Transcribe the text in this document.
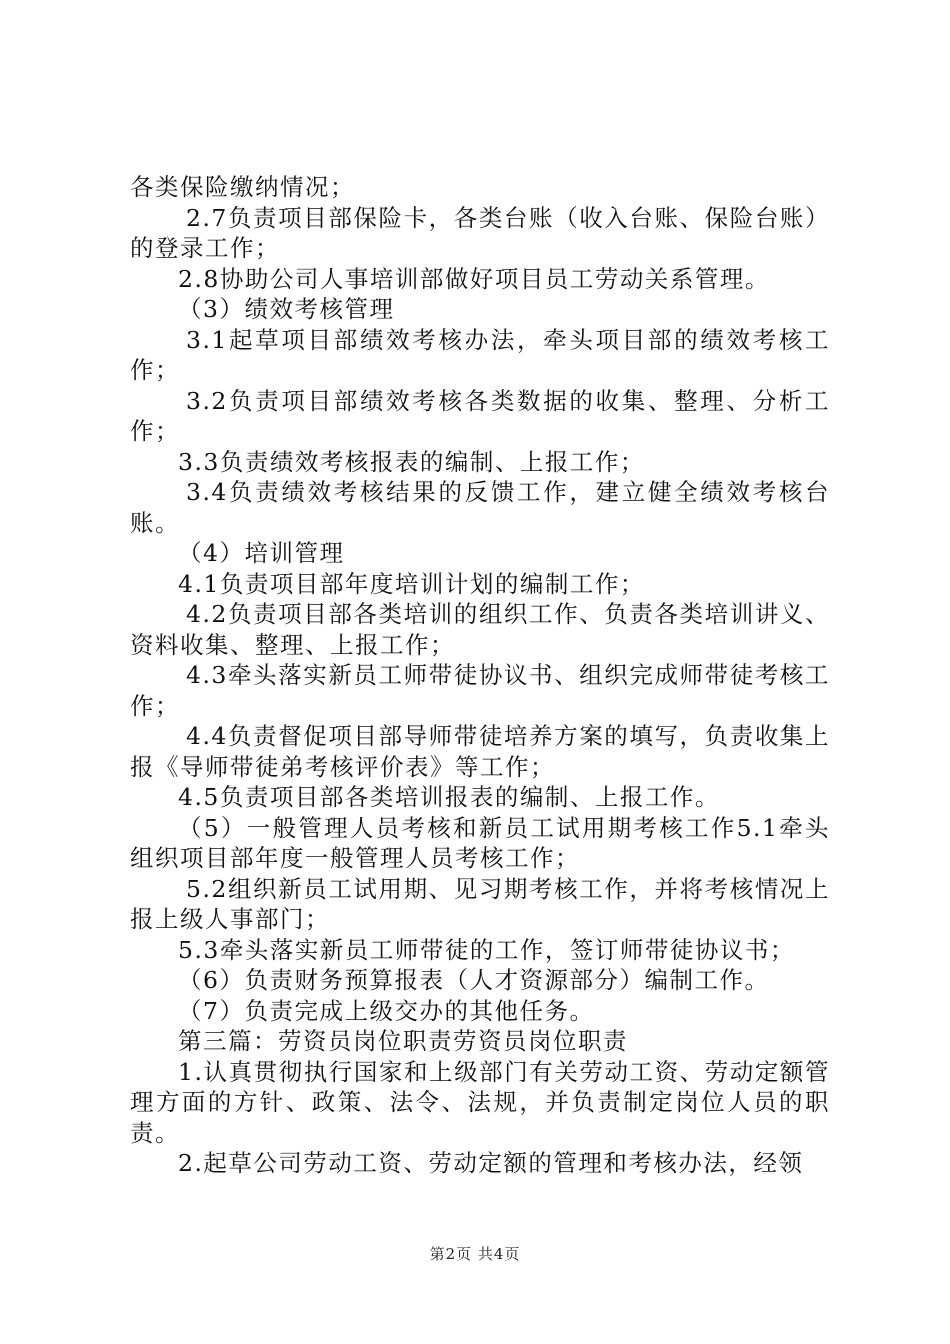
各类保险缴纳情况；

2.7负责项目部保险卡，各类台账（收入台账、保险台账）的登录工作；

2.8协助公司人事培训部做好项目员工劳动关系管理。

（3）绩效考核管理

3.1起草项目部绩效考核办法，牵头项目部的绩效考核工作；

3.2负责项目部绩效考核各类数据的收集、整理、分析工作；

3.3负责绩效考核报表的编制、上报工作；

3.4负责绩效考核结果的反馈工作，建立健全绩效考核台账。

（4）培训管理

4.1负责项目部年度培训计划的编制工作；

4.2负责项目部各类培训的组织工作、负责各类培训讲义、资料收集、整理、上报工作；

4.3牵头落实新员工师带徒协议书、组织完成师带徒考核工作；

4.4负责督促项目部导师带徒培养方案的填写，负责收集上报《导师带徒弟考核评价表》等工作；

4.5负责项目部各类培训报表的编制、上报工作。

（5）一般管理人员考核和新员工试用期考核工作5.1牵头组织项目部年度一般管理人员考核工作；

5.2组织新员工试用期、见习期考核工作，并将考核情况上报上级人事部门；

5.3牵头落实新员工师带徒的工作，签订师带徒协议书；

（6）负责财务预算报表（人才资源部分）编制工作。

（7）负责完成上级交办的其他任务。

第三篇：劳资员岗位职责劳资员岗位职责

1.认真贯彻执行国家和上级部门有关劳动工资、劳动定额管理方面的方针、政策、法令、法规，并负责制定岗位人员的职责。

2.起草公司劳动工资、劳动定额的管理和考核办法，经领

第2页 共4页
